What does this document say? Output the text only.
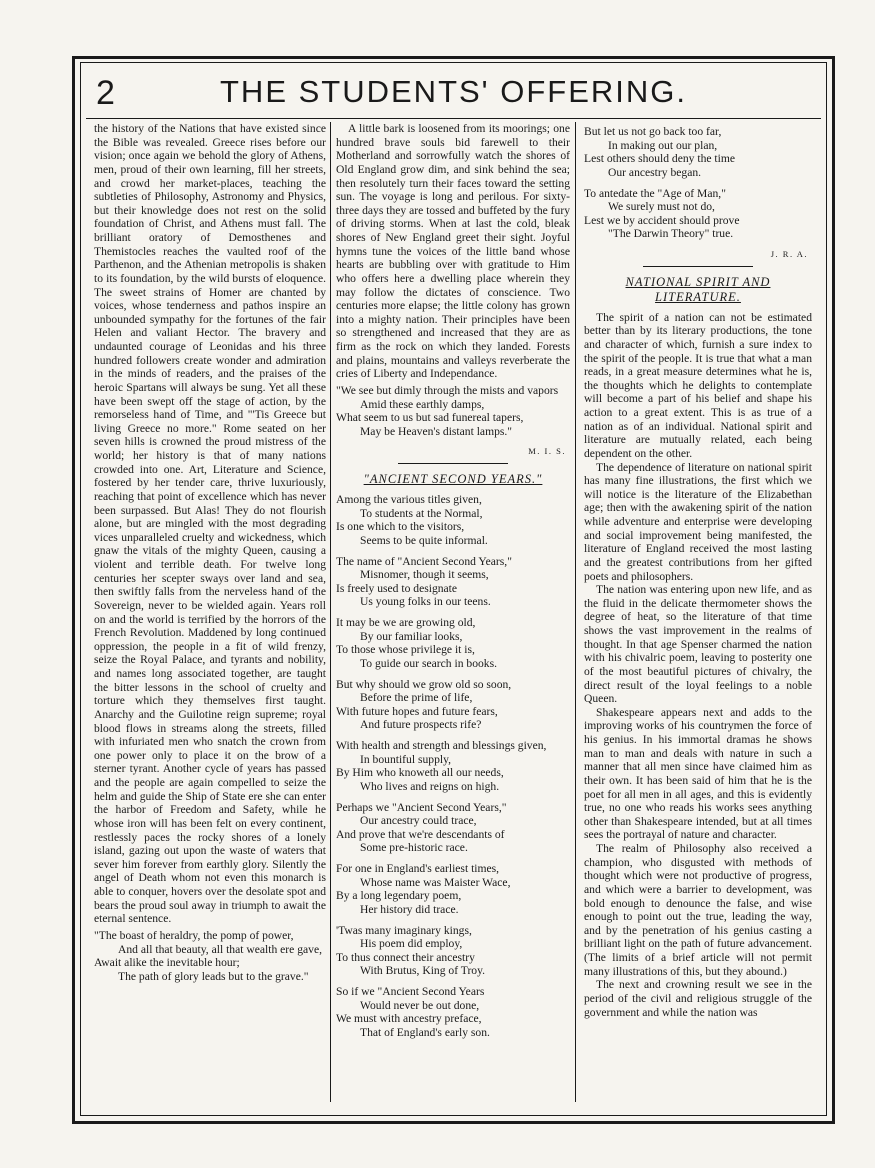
2	THE STUDENTS' OFFERING.

the history of the Nations that have existed since the Bible was revealed. Greece rises before our vision; once again we behold the glory of Athens, men, proud of their own learning, fill her streets, and crowd her market-places, teaching the subtleties of Philosophy, Astronomy and Physics, but their knowledge does not rest on the solid foundation of Christ, and Athens must fall. The brilliant oratory of Demosthenes and Themistocles reaches the vaulted roof of the Parthenon, and the Athenian metropolis is shaken to its foundation, by the wild bursts of eloquence. The sweet strains of Homer are chanted by voices, whose tenderness and pathos inspire an unbounded sympathy for the fortunes of the fair Helen and valiant Hector. The bravery and undaunted courage of Leonidas and his three hundred followers create wonder and admiration in the minds of readers, and the praises of the heroic Spartans will always be sung. Yet all these have been swept off the stage of action, by the remorseless hand of Time, and "'Tis Greece but living Greece no more." Rome seated on her seven hills is crowned the proud mistress of the world; her history is that of many nations crowded into one. Art, Literature and Science, fostered by her tender care, thrive luxuriously, reaching that point of excellence which has never been surpassed. But Alas! They do not flourish alone, but are mingled with the most degrading vices unparalleled cruelty and wickedness, which gnaw the vitals of the mighty Queen, causing a violent and terrible death. For twelve long centuries her scepter sways over land and sea, then swiftly falls from the nerveless hand of the Sovereign, never to be wielded again. Years roll on and the world is terrified by the horrors of the French Revolution. Maddened by long continued oppression, the people in a fit of wild frenzy, seize the Royal Palace, and tyrants and nobility, and names long associated together, are taught the bitter lessons in the school of cruelty and torture which they themselves first taught. Anarchy and the Guilotine reign supreme; royal blood flows in streams along the streets, filled with infuriated men who snatch the crown from one power only to place it on the brow of a sterner tyrant. Another cycle of years has passed and the people are again compelled to seize the helm and guide the Ship of State ere she can enter the harbor of Freedom and Safety, while he whose iron will has been felt on every continent, restlessly paces the rocky shores of a lonely island, gazing out upon the waste of waters that sever him forever from earthly glory. Silently the angel of Death whom not even this monarch is able to conquer, hovers over the desolate spot and bears the proud soul away in triumph to await the eternal sentence.

"The boast of heraldry, the pomp of power,
And all that beauty, all that wealth ere gave,
Await alike the inevitable hour;
The path of glory leads but to the grave."

A little bark is loosened from its moorings; one hundred brave souls bid farewell to their Motherland and sorrowfully watch the shores of Old England grow dim, and sink behind the sea; then resolutely turn their faces toward the setting sun. The voyage is long and perilous. For sixty-three days they are tossed and buffeted by the fury of driving storms. When at last the cold, bleak shores of New England greet their sight. Joyful hymns tune the voices of the little band whose hearts are bubbling over with gratitude to Him who offers here a dwelling place wherein they may follow the dictates of conscience. Two centuries more elapse; the little colony has grown into a mighty nation. Their principles have been so strengthened and increased that they are as firm as the rock on which they landed. Forests and plains, mountains and valleys reverberate the cries of Liberty and Independance.

"We see but dimly through the mists and vapors
Amid these earthly damps,
What seem to us but sad funereal tapers,
May be Heaven's distant lamps."
M. I. S.
"ANCIENT SECOND YEARS."
Among the various titles given,
To students at the Normal,
Is one which to the visitors,
Seems to be quite informal.
The name of "Ancient Second Years,"
Misnomer, though it seems,
Is freely used to designate
Us young folks in our teens.
It may be we are growing old,
By our familiar looks,
To those whose privilege it is,
To guide our search in books.
But why should we grow old so soon,
Before the prime of life,
With future hopes and future fears,
And future prospects rife?
With health and strength and blessings given,
In bountiful supply,
By Him who knoweth all our needs,
Who lives and reigns on high.
Perhaps we "Ancient Second Years,"
Our ancestry could trace,
And prove that we're descendants of
Some pre-historic race.
For one in England's earliest times,
Whose name was Maister Wace,
By a long legendary poem,
Her history did trace.
'Twas many imaginary kings,
His poem did employ,
To thus connect their ancestry
With Brutus, King of Troy.
So if we "Ancient Second Years
Would never be out done,
We must with ancestry preface,
That of England's early son.
But let us not go back too far,
In making out our plan,
Lest others should deny the time
Our ancestry began.
To antedate the "Age of Man,"
We surely must not do,
Lest we by accident should prove
"The Darwin Theory" true.
J. R. A.
NATIONAL SPIRIT AND LITERATURE.

The spirit of a nation can not be estimated better than by its literary productions, the tone and character of which, furnish a sure index to the spirit of the people. It is true that what a man reads, in a great measure determines what he is, the thoughts which he delights to contemplate will become a part of his belief and shape his action to a great extent. This is as true of a nation as of an individual. National spirit and literature are mutually related, each being dependent on the other.

The dependence of literature on national spirit has many fine illustrations, the first which we will notice is the literature of the Elizabethan age; then with the awakening spirit of the nation while adventure and enterprise were developing and social improvement being manifested, the literature of England received the most lasting and the greatest contributions from her gifted poets and philosophers.

The nation was entering upon new life, and as the fluid in the delicate thermometer shows the degree of heat, so the literature of that time shows the vast improvement in the realms of thought. In that age Spenser charmed the nation with his chivalric poem, leaving to posterity one of the most beautiful pictures of chivalry, the direct result of the loyal feelings to a noble Queen.

Shakespeare appears next and adds to the improving works of his countrymen the force of his genius. In his immortal dramas he shows man to man and deals with nature in such a manner that all men since have claimed him as their own. It has been said of him that he is the poet for all men in all ages, and this is evidently true, no one who reads his works sees anything other than Shakespeare intended, but at all times sees the portrayal of nature and character.

The realm of Philosophy also received a champion, who disgusted with methods of thought which were not productive of progress, and which were a barrier to development, was bold enough to denounce the false, and wise enough to point out the true, leading the way, and by the penetration of his genius casting a brilliant light on the path of future advancement. (The limits of a brief article will not permit many illustrations of this, but they abound.)

The next and crowning result we see in the period of the civil and religious struggle of the government and while the nation was
